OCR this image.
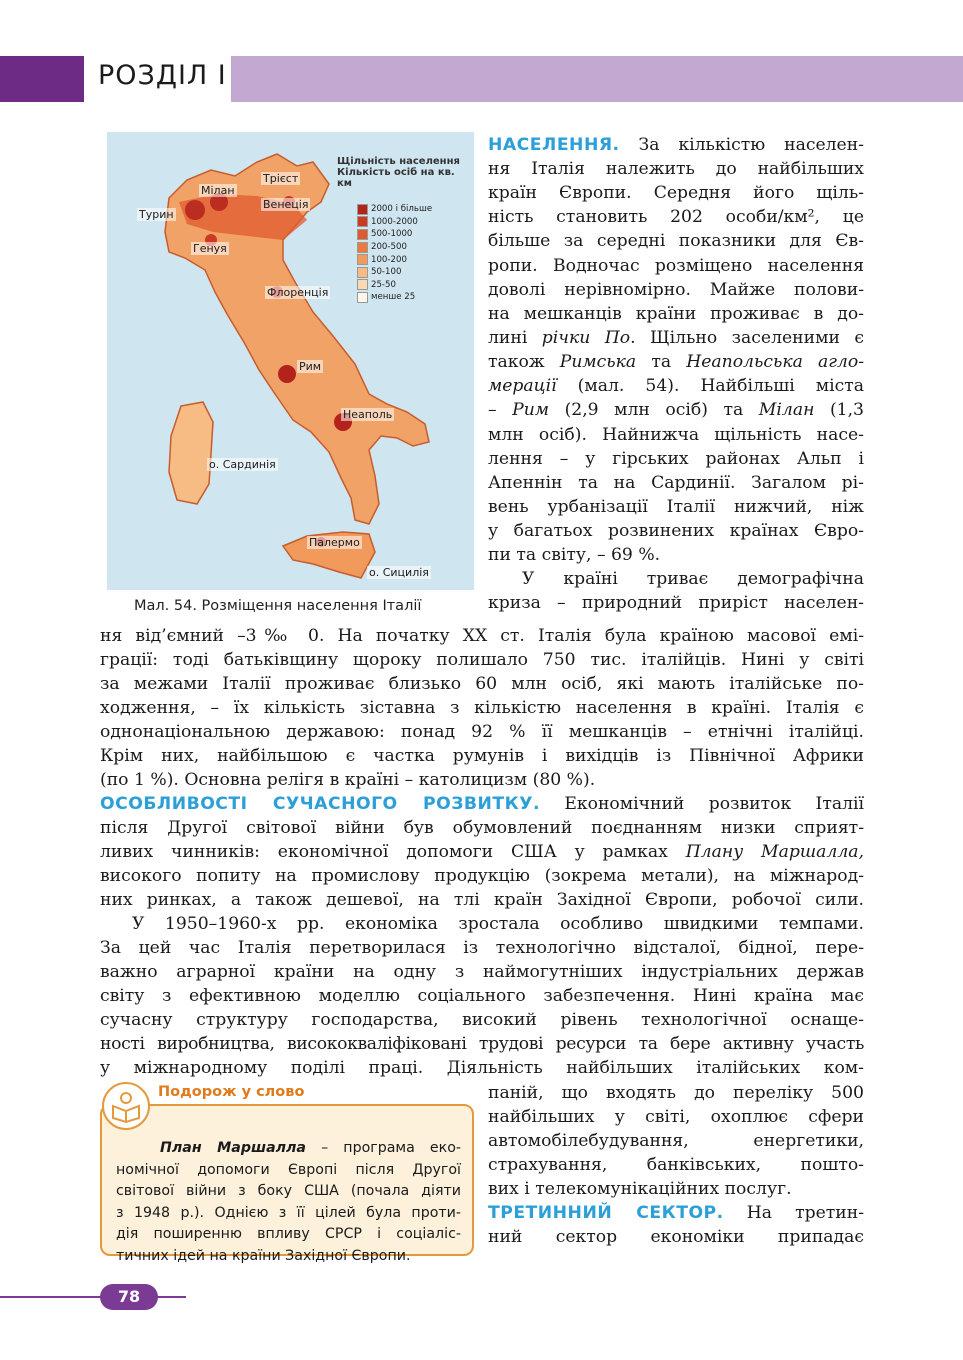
РОЗДІЛ І
Щільність населення
Кількість осіб на кв. км
2000 і більше
1000-2000
500-1000
200-500
100-200
50-100
25-50
менше 25
Турин
Мілан
Трієст
Венеція
Генуя
Флоренція
Рим
Неаполь
о. Сардинія
Палермо
о. Сицилія
Мал. 54. Розміщення населення Італії
НАСЕЛЕННЯ. За кількістю населен-
ня Італія належить до найбільших
країн Європи. Середня його щіль-
ність становить 202 особи/км², це
більше за середні показники для Єв-
ропи. Водночас розміщено населення
доволі нерівномірно. Майже полови-
на мешканців країни проживає в до-
лині річки По. Щільно заселеними є
також Римська та Неапольська агло-
мерації (мал. 54). Найбільші міста
– Рим (2,9 млн осіб) та Мілан (1,3
млн осіб). Найнижча щільність насе-
лення – у гірських районах Альп і
Апеннін та на Сардинії. Загалом рі-
вень урбанізації Італії нижчий, ніж
у багатьох розвинених країнах Євро-
пи та світу, – 69 %.
У країні триває демографічна
криза – природний приріст населен-
ня від’ємний –3‰ 0. На початку XX ст. Італія була країною масової емі-
грації: тоді батьківщину щороку полишало 750 тис. італійців. Нині у світі
за межами Італії проживає близько 60 млн осіб, які мають італійське по-
ходження, – їх кількість зіставна з кількістю населення в країні. Італія є
однонаціональною державою: понад 92 % її мешканців – етнічні італійці.
Крім них, найбільшою є частка румунів і вихідців із Північної Африки
(по 1 %). Основна релігя в країні – католицизм (80 %).
ОСОБЛИВОСТІ СУЧАСНОГО РОЗВИТКУ. Економічний розвиток Італії
після Другої світової війни був обумовлений поєднанням низки сприят-
ливих чинників: економічної допомоги США у рамках Плану Маршалла,
високого попиту на промислову продукцію (зокрема метали), на міжнарод-
них ринках, а також дешевої, на тлі країн Західної Європи, робочої сили.
У 1950–1960-х рр. економіка зростала особливо швидкими темпами.
За цей час Італія перетворилася із технологічно відсталої, бідної, пере-
важно аграрної країни на одну з наймогутніших індустріальних держав
світу з ефективною моделлю соціального забезпечення. Нині країна має
сучасну структуру господарства, високий рівень технологічної оснаще-
ності виробництва, висококваліфіковані трудові ресурси та бере активну участь
у міжнародному поділі праці. Діяльність найбільших італійських ком-
паній, що входять до переліку 500
найбільших у світі, охоплює сфери
автомобілебудування, енергетики,
страхування, банківських, пошто-
вих і телекомунікаційних послуг.
ТРЕТИННИЙ СЕКТОР. На третин-
ний сектор економіки припадає
План Маршалла – програма еко-
номічної допомоги Європі після Другої
світової війни з боку США (почала діяти
з 1948 р.). Однією з її цілей була проти-
дія поширенню впливу СРСР і соціаліс-
тичних ідей на країни Західної Європи.
Подорож у слово
78
